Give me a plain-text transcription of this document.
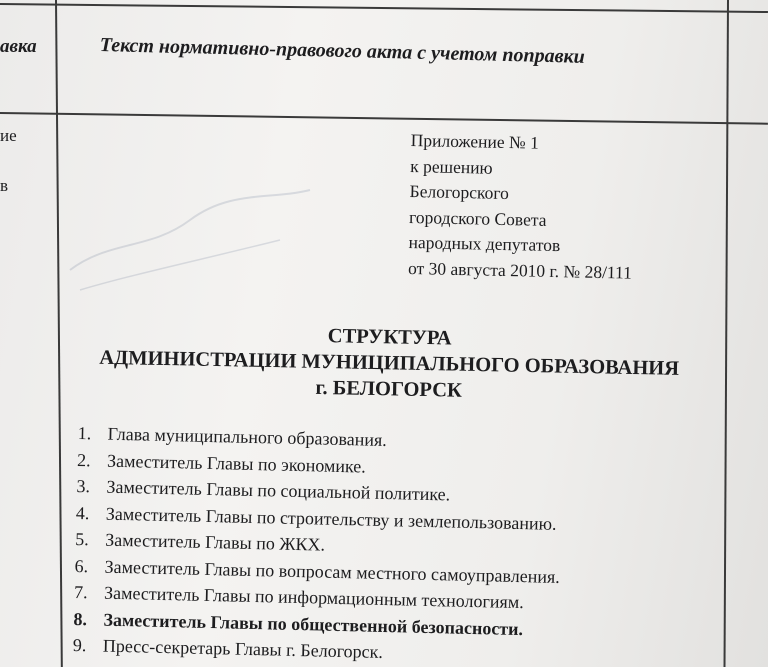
авка	Текст нормативно-правового акта с учетом поправки
ие
в
Приложение № 1
к решению
Белогорского
городского Совета
народных депутатов
от 30 августа 2010 г. № 28/111
СТРУКТУРА
АДМИНИСТРАЦИИ МУНИЦИПАЛЬНОГО ОБРАЗОВАНИЯ
г. БЕЛОГОРСК
1. Глава муниципального образования.
2. Заместитель Главы по экономике.
3. Заместитель Главы по социальной политике.
4. Заместитель Главы по строительству и землепользованию.
5. Заместитель Главы по ЖКХ.
6. Заместитель Главы по вопросам местного самоуправления.
7. Заместитель Главы по информационным технологиям.
8. Заместитель Главы по общественной безопасности.
9. Пресс-секретарь Главы г. Белогорск.
